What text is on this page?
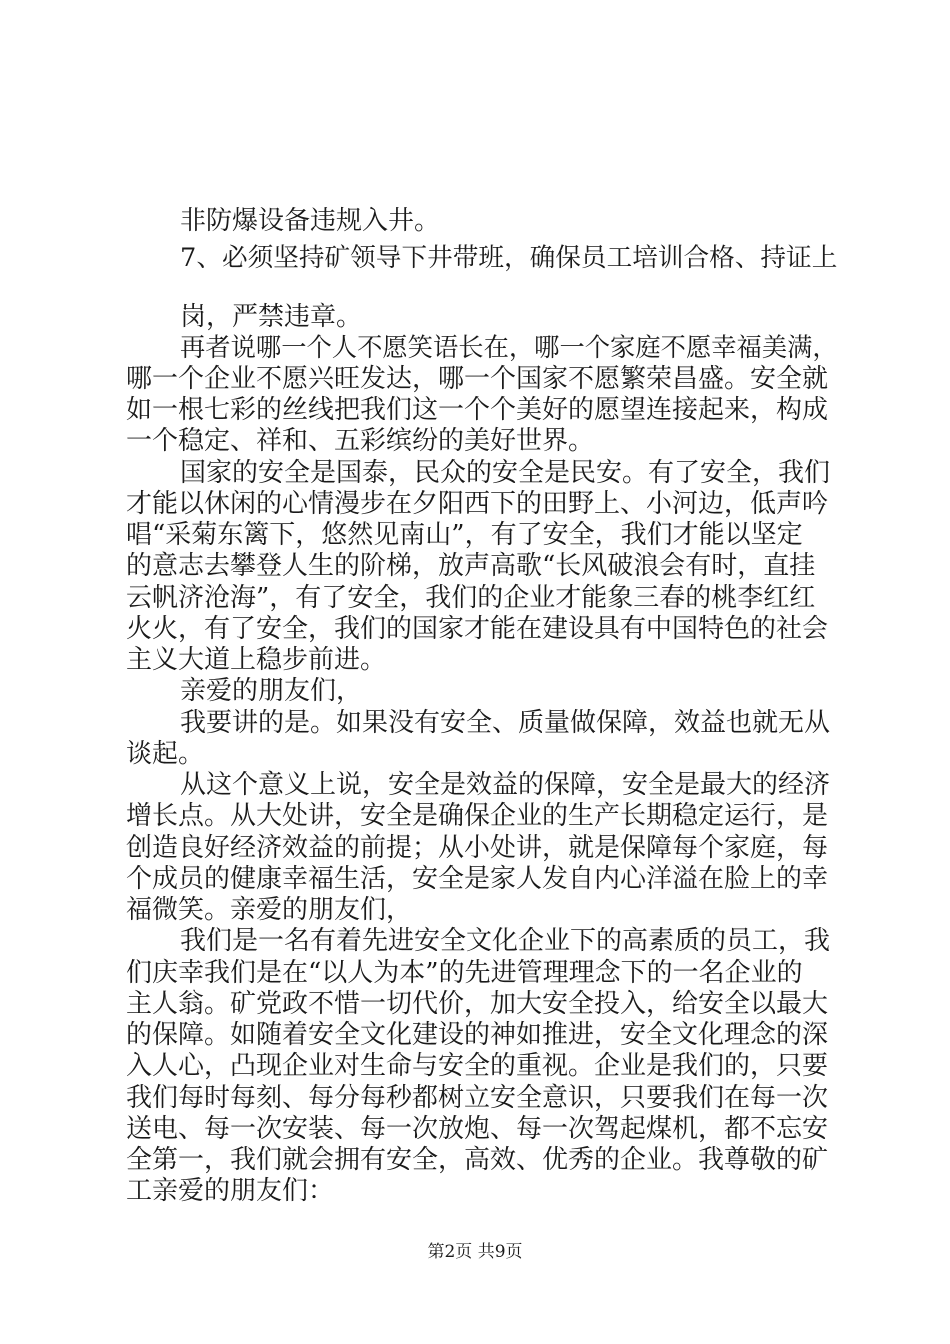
非防爆设备违规入井。
7、必须坚持矿领导下井带班，确保员工培训合格、持证上
岗，严禁违章。
再者说哪一个人不愿笑语长在，哪一个家庭不愿幸福美满，
哪一个企业不愿兴旺发达，哪一个国家不愿繁荣昌盛。安全就
如一根七彩的丝线把我们这一个个美好的愿望连接起来，构成
一个稳定、祥和、五彩缤纷的美好世界。
国家的安全是国泰，民众的安全是民安。有了安全，我们
才能以休闲的心情漫步在夕阳西下的田野上、小河边，低声吟
唱“采菊东篱下，悠然见南山”，有了安全，我们才能以坚定
的意志去攀登人生的阶梯，放声高歌“长风破浪会有时，直挂
云帆济沧海”，有了安全，我们的企业才能象三春的桃李红红
火火，有了安全，我们的国家才能在建设具有中国特色的社会
主义大道上稳步前进。
亲爱的朋友们，
我要讲的是。如果没有安全、质量做保障，效益也就无从
谈起。
从这个意义上说，安全是效益的保障，安全是最大的经济
增长点。从大处讲，安全是确保企业的生产长期稳定运行，是
创造良好经济效益的前提；从小处讲，就是保障每个家庭，每
个成员的健康幸福生活，安全是家人发自内心洋溢在脸上的幸
福微笑。亲爱的朋友们，
我们是一名有着先进安全文化企业下的高素质的员工，我
们庆幸我们是在“以人为本”的先进管理理念下的一名企业的
主人翁。矿党政不惜一切代价，加大安全投入，给安全以最大
的保障。如随着安全文化建设的神如推进，安全文化理念的深
入人心，凸现企业对生命与安全的重视。企业是我们的，只要
我们每时每刻、每分每秒都树立安全意识，只要我们在每一次
送电、每一次安装、每一次放炮、每一次驾起煤机，都不忘安
全第一，我们就会拥有安全，高效、优秀的企业。我尊敬的矿
工亲爱的朋友们：
第2页 共9页
